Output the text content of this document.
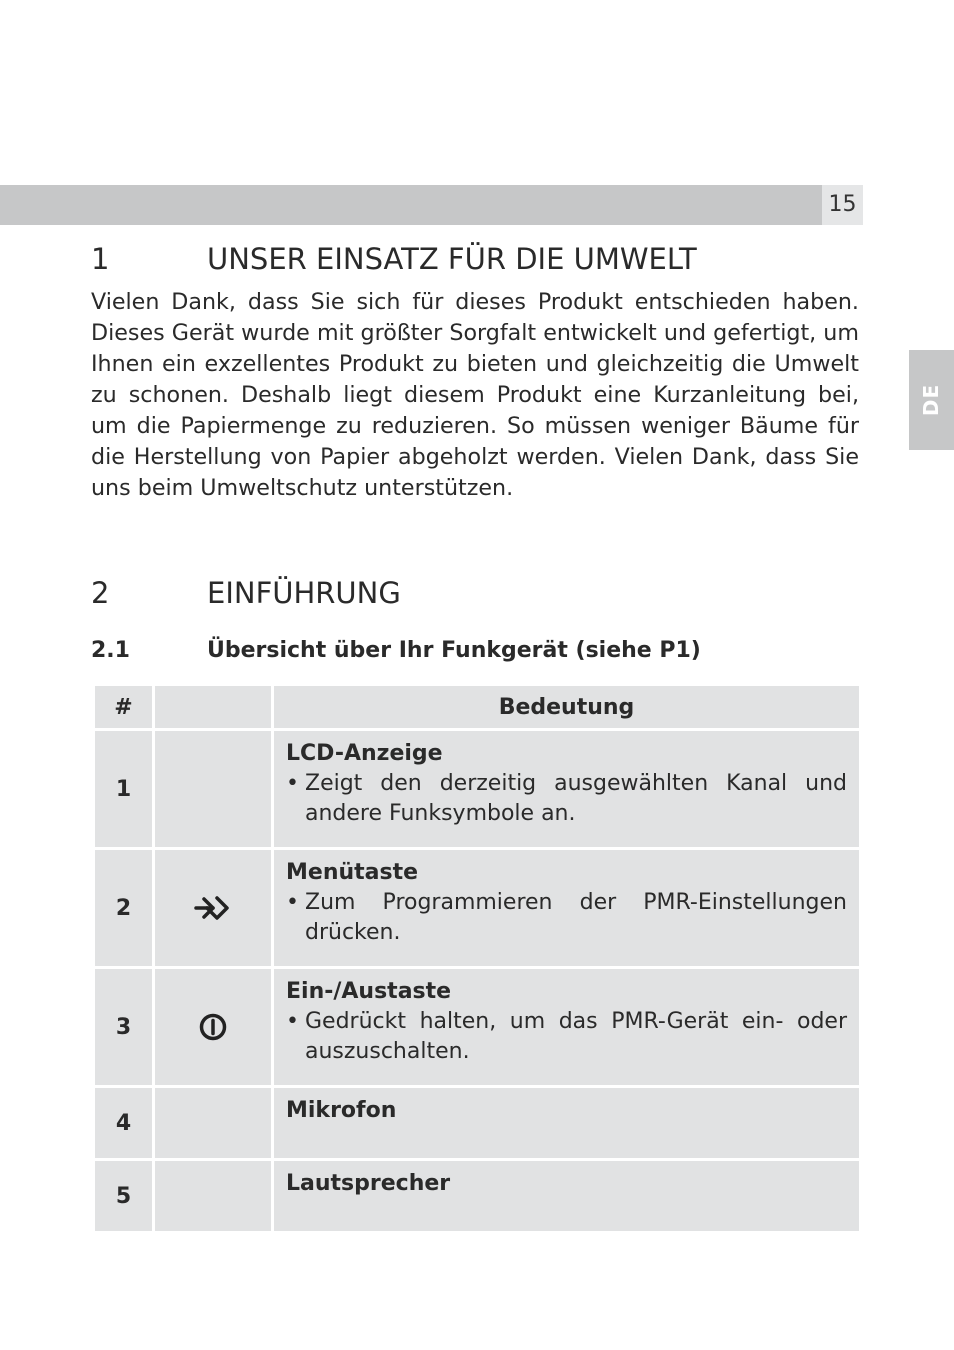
15
DE
1	UNSER EINSATZ FÜR DIE UMWELT
Vielen Dank, dass Sie sich für dieses Produkt entschieden haben. Dieses Gerät wurde mit größter Sorgfalt entwickelt und gefertigt, um Ihnen ein exzellentes Produkt zu bieten und gleichzeitig die Umwelt zu schonen. Deshalb liegt diesem Produkt eine Kurzanleitung bei, um die Papiermenge zu reduzieren. So müssen weniger Bäume für die Herstellung von Papier abgeholzt werden. Vielen Dank, dass Sie uns beim Umweltschutz unterstützen.
2	EINFÜHRUNG
2.1	Übersicht über Ihr Funkgerät (siehe P1)
#		Bedeutung
1		LCD-Anzeige
• Zeigt den derzeitig ausgewählten Kanal und andere Funksymbole an.

2		Menütaste
• Zum Programmieren der PMR-Einstellungen drücken.

3		Ein-/Austaste
• Gedrückt halten, um das PMR-Gerät ein- oder auszuschalten.

4		Mikrofon

5		Lautsprecher
